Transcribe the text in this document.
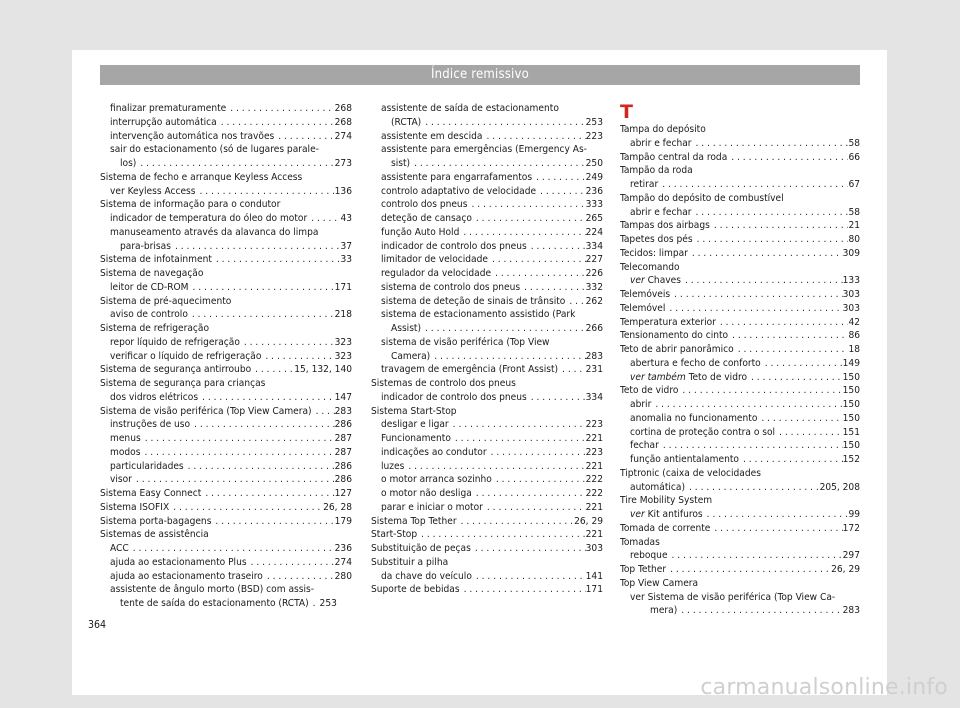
Índice remissivo
finalizar prematuramente . . .	268
interrupção automática . . .	268
intervenção automática nos travões . . .	274
sair do estacionamento (só de lugares parale-
los) . . .	273
Sistema de fecho e arranque Keyless Access
ver Keyless Access . . .	136
Sistema de informação para o condutor
indicador de temperatura do óleo do motor . . .	43
manuseamento através da alavanca do limpa
para-brisas . . .	37
Sistema de infotainment . . .	33
Sistema de navegação
leitor de CD-ROM . . .	171
Sistema de pré-aquecimento
aviso de controlo . . .	218
Sistema de refrigeração
repor líquido de refrigeração . . .	323
verificar o líquido de refrigeração . . .	323
Sistema de segurança antirroubo . . .	15, 132, 140
Sistema de segurança para crianças
dos vidros elétricos . . .	147
Sistema de visão periférica (Top View Camera) . . . 283
instruções de uso . . .	286
menus . . .	287
modos . . .	287
particularidades . . .	286
visor . . .	286
Sistema Easy Connect . . .	127
Sistema ISOFIX . . .	26, 28
Sistema porta-bagagens . . .	179
Sistemas de assistência
ACC . . .	236
ajuda ao estacionamento Plus . . .	274
ajuda ao estacionamento traseiro . . .	280
assistente de ângulo morto (BSD) com assis-
tente de saída do estacionamento (RCTA) . 253
assistente de saída de estacionamento
(RCTA) . . .	253
assistente em descida . . .	223
assistente para emergências (Emergency As-
sist) . . .	250
assistente para engarrafamentos . . .	249
controlo adaptativo de velocidade . . .	236
controlo dos pneus . . .	333
deteção de cansaço . . .	265
função Auto Hold . . .	224
indicador de controlo dos pneus . . .	334
limitador de velocidade . . .	227
regulador da velocidade . . .	226
sistema de controlo dos pneus . . .	332
sistema de deteção de sinais de trânsito . . . 262
sistema de estacionamento assistido (Park
Assist) . . .	266
sistema de visão periférica (Top View
Camera) . . .	283
travagem de emergência (Front Assist) . . .	231
Sistemas de controlo dos pneus
indicador de controlo dos pneus . . .	334
Sistema Start-Stop
desligar e ligar . . .	223
Funcionamento . . .	221
indicações ao condutor . . .	223
luzes . . .	221
o motor arranca sozinho . . .	222
o motor não desliga . . .	222
parar e iniciar o motor . . .	221
Sistema Top Tether . . .	26, 29
Start-Stop . . .	221
Substituição de peças . . .	303
Substituir a pilha
da chave do veículo . . .	141
Suporte de bebidas . . .	171
T
Tampa do depósito
abrir e fechar . . .	58
Tampão central da roda . . .	66
Tampão da roda
retirar . . .	67
Tampão do depósito de combustível
abrir e fechar . . .	58
Tampas dos airbags . . .	21
Tapetes dos pés . . .	80
Tecidos: limpar . . .	309
Telecomando
ver Chaves . . .	133
Telemóveis . . .	303
Telemóvel . . .	303
Temperatura exterior . . .	42
Tensionamento do cinto . . .	86
Teto de abrir panorâmico . . .	18
abertura e fecho de conforto . . .	149
ver também Teto de vidro . . .	150
Teto de vidro . . .	150
abrir . . .	150
anomalia no funcionamento . . .	150
cortina de proteção contra o sol . . .	151
fechar . . .	150
função antientalamento . . .	152
Tiptronic (caixa de velocidades
automática) . . .	205, 208
Tire Mobility System
ver Kit antifuros . . .	99
Tomada de corrente . . .	172
Tomadas
reboque . . .	297
Top Tether . . .	26, 29
Top View Camera
ver Sistema de visão periférica (Top View Ca-
mera) . . .	283
364
carmanualsonline.info
